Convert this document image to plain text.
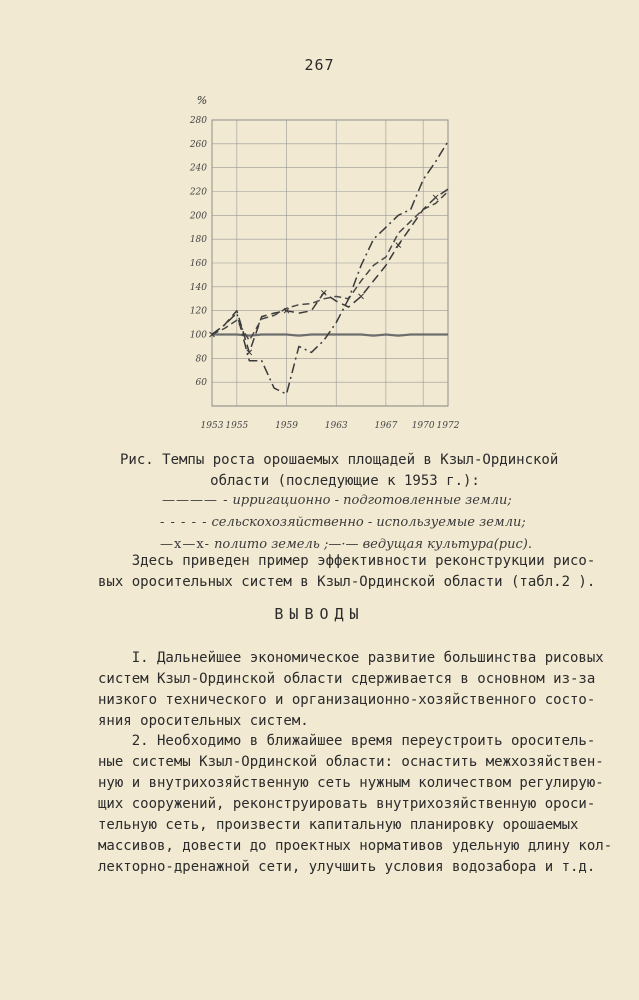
267
280
260
240
220
200
180
160
140
120
100
80
60
1953 1955	1959	1963	1967 1970 1972
%
Рис. Темпы роста орошаемых площадей в Кзыл-Ординской
области (последующие к 1953 г.):
———— - ирригационно - подготовленные земли;
- - - - - сельскохозяйственно - используемые земли;
—х—х- полито земель ;—·— ведущая культура(рис).

Здесь приведен пример эффективности реконструкции рисо-
вых оросительных систем в Кзыл-Ординской области (табл.2 ).

ВЫВОДЫ

I. Дальнейшее экономическое развитие большинства рисовых
систем Кзыл-Ординской области сдерживается в основном из-за
низкого технического и организационно-хозяйственного состо-
яния оросительных систем.

2. Необходимо в ближайшее время переустроить ороситель-
ные системы Кзыл-Ординской области: оснастить межхозяйствен-
ную и внутрихозяйственную сеть нужным количеством регулирую-
щих сооружений, реконструировать внутрихозяйственную ороси-
тельную сеть, произвести капитальную планировку орошаемых
массивов, довести до проектных нормативов удельную длину кол-
лекторно-дренажной сети, улучшить условия водозабора и т.д.
